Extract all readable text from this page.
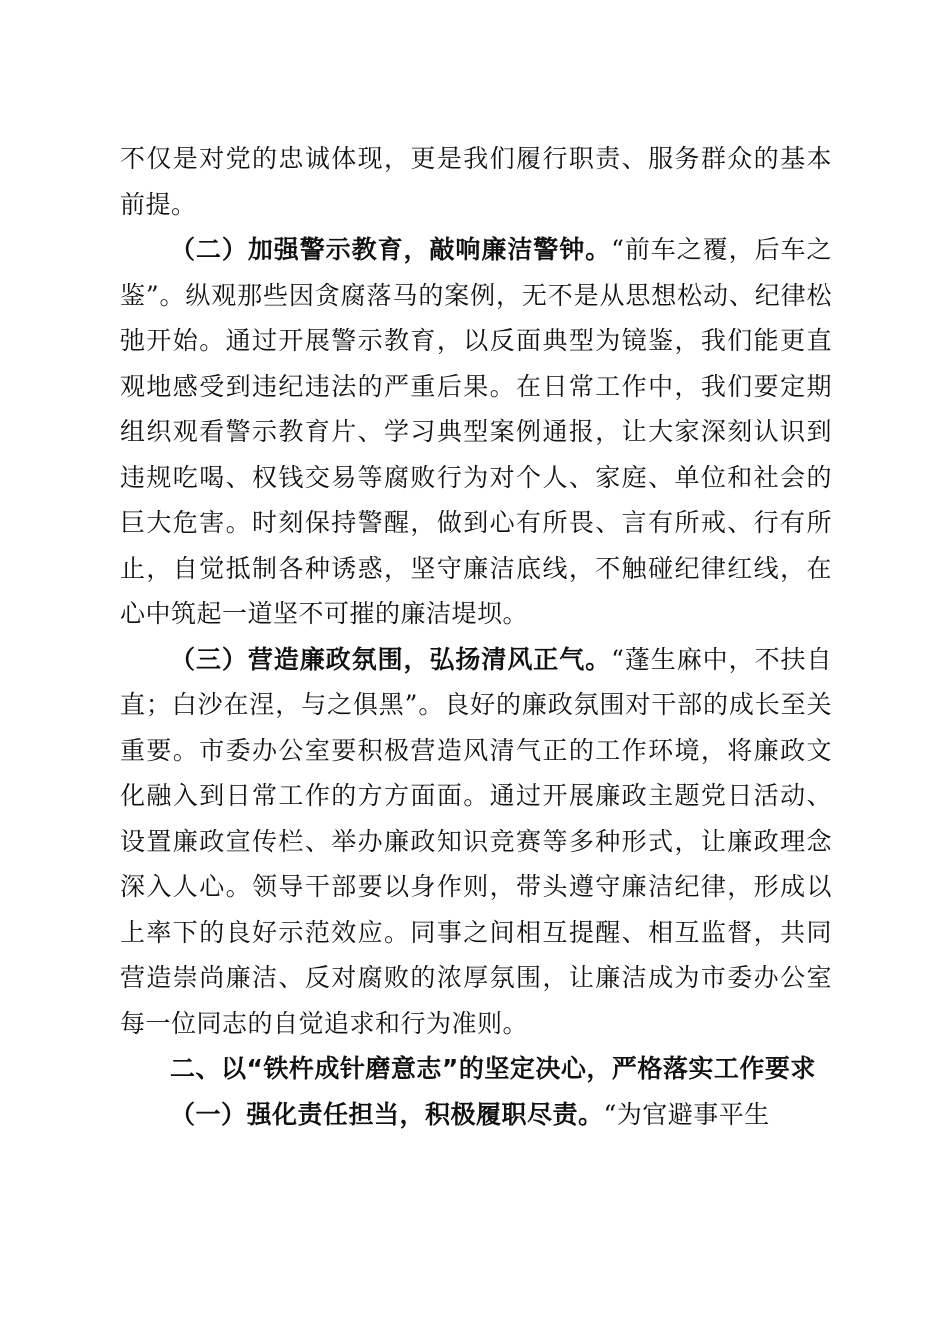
不仅是对党的忠诚体现，更是我们履行职责、服务群众的基本前提。

（二）加强警示教育，敲响廉洁警钟。“前车之覆，后车之鉴”。纵观那些因贪腐落马的案例，无不是从思想松动、纪律松弛开始。通过开展警示教育，以反面典型为镜鉴，我们能更直观地感受到违纪违法的严重后果。在日常工作中，我们要定期组织观看警示教育片、学习典型案例通报，让大家深刻认识到违规吃喝、权钱交易等腐败行为对个人、家庭、单位和社会的巨大危害。时刻保持警醒，做到心有所畏、言有所戒、行有所止，自觉抵制各种诱惑，坚守廉洁底线，不触碰纪律红线，在心中筑起一道坚不可摧的廉洁堤坝。

（三）营造廉政氛围，弘扬清风正气。“蓬生麻中，不扶自直；白沙在涅，与之俱黑”。良好的廉政氛围对干部的成长至关重要。市委办公室要积极营造风清气正的工作环境，将廉政文化融入到日常工作的方方面面。通过开展廉政主题党日活动、设置廉政宣传栏、举办廉政知识竞赛等多种形式，让廉政理念深入人心。领导干部要以身作则，带头遵守廉洁纪律，形成以上率下的良好示范效应。同事之间相互提醒、相互监督，共同营造崇尚廉洁、反对腐败的浓厚氛围，让廉洁成为市委办公室每一位同志的自觉追求和行为准则。

二、以“铁杵成针磨意志”的坚定决心，严格落实工作要求

（一）强化责任担当，积极履职尽责。“为官避事平生
